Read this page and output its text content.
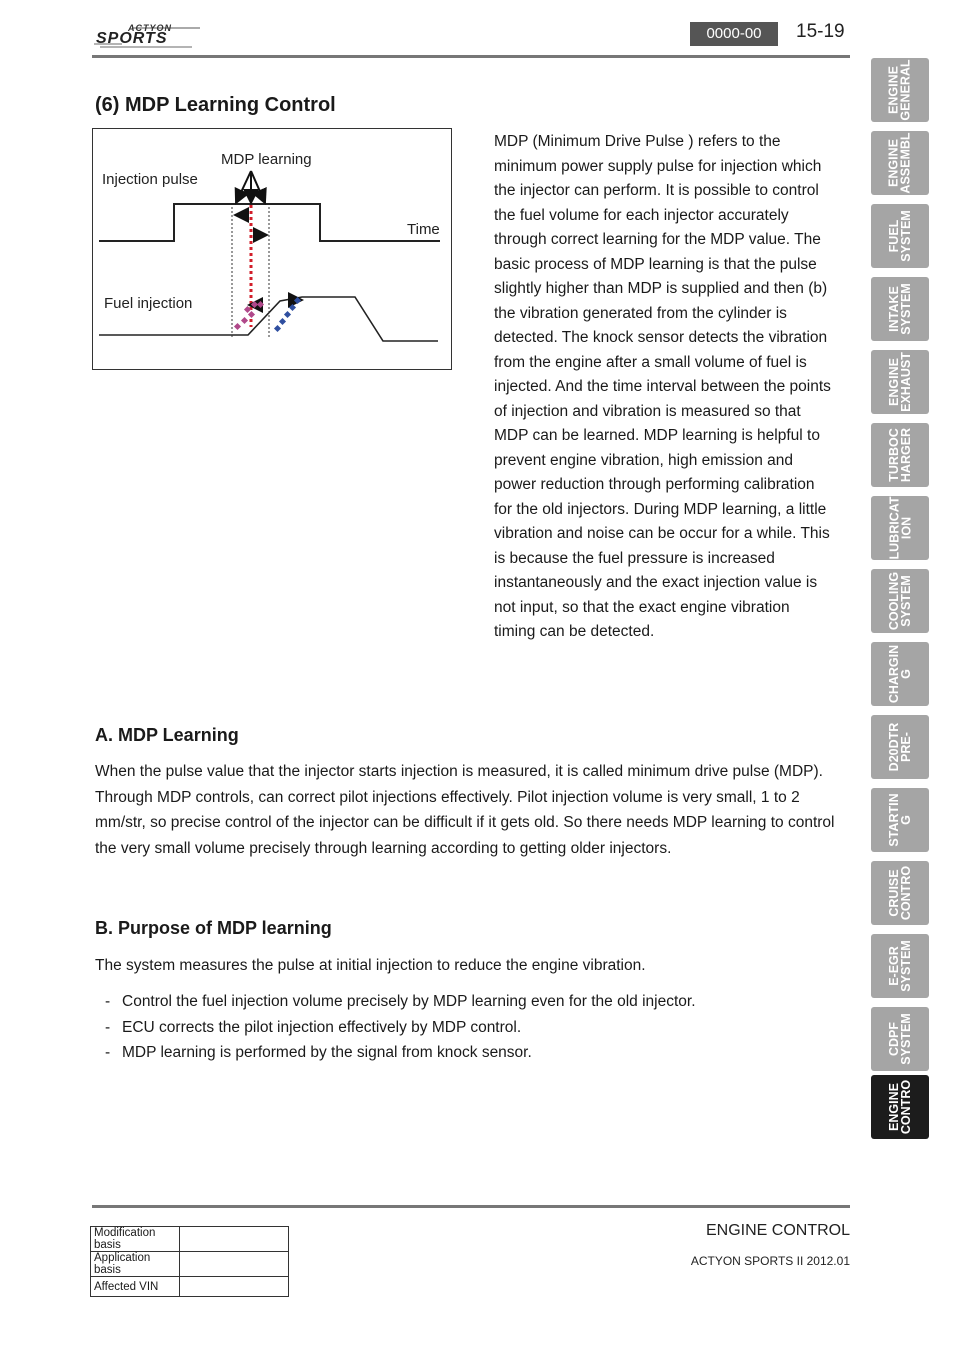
ACTYON
SPORTS	0000-00	15-19
(6) MDP Learning Control
MDP learning
Injection pulse
Time
Fuel injection
MDP (Minimum Drive Pulse ) refers to the minimum power supply pulse for injection which the injector can perform. It is possible to control the fuel volume for each injector accurately through correct learning for the MDP value. The basic process of MDP learning is that the pulse slightly higher than MDP is supplied and then (b) the vibration generated from the cylinder is detected. The knock sensor detects the vibration from the engine after a small volume of fuel is injected. And the time interval between the points of injection and vibration is measured so that MDP can be learned. MDP learning is helpful to prevent engine vibration, high emission and power reduction through performing calibration for the old injectors. During MDP learning, a little vibration and noise can be occur for a while. This is because the fuel pressure is increased instantaneously and the exact injection value is not input, so that the exact engine vibration timing can be detected.
A. MDP Learning
When the pulse value that the injector starts injection is measured, it is called minimum drive pulse (MDP). Through MDP controls, can correct pilot injections effectively. Pilot injection volume is very small, 1 to 2 mm/str, so precise control of the injector can be difficult if it gets old. So there needs MDP learning to control the very small volume precisely through learning according to getting older injectors.
B. Purpose of MDP learning
The system measures the pulse at initial injection to reduce the engine vibration.
- Control the fuel injection volume precisely by MDP learning even for the old injector.
- ECU corrects the pilot injection effectively by MDP control.
- MDP learning is performed by the signal from knock sensor.
ENGINE
GENERAL
ENGINE
ASSEMBL
FUEL
SYSTEM
INTAKE
SYSTEM
ENGINE
EXHAUST
TURBOC
HARGER
LUBRICAT
ION
COOLING
SYSTEM
CHARGIN
G
D20DTR
PRE-
STARTIN
G
CRUISE
CONTRO
E-EGR
SYSTEM
CDPF
SYSTEM
ENGINE
CONTRO
Modification basis	
Application basis	
Affected VIN	
ENGINE CONTROL
ACTYON SPORTS II 2012.01
